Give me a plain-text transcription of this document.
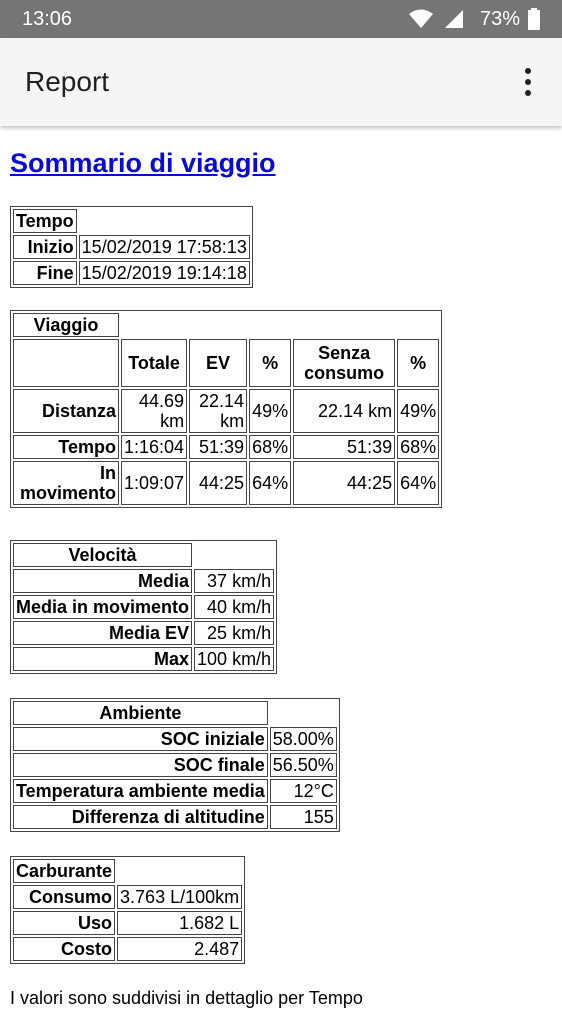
13:06	73%
Report
Sommario di viaggio
Tempo	
Inizio	15/02/2019 17:58:13
Fine	15/02/2019 19:14:18
Viaggio					
	Totale	EV	%	Senza consumo	%
Distanza	44.69 km	22.14 km	49%	22.14 km	49%
Tempo	1:16:04	51:39	68%	51:39	68%
In movimento	1:09:07	44:25	64%	44:25	64%
Velocità	
Media	37 km/h
Media in movimento	40 km/h
Media EV	25 km/h
Max	100 km/h
Ambiente	
SOC iniziale	58.00%
SOC finale	56.50%
Temperatura ambiente media	12°C
Differenza di altitudine	155
Carburante	
Consumo	3.763 L/100km
Uso	1.682 L
Costo	2.487
I valori sono suddivisi in dettaglio per Tempo
